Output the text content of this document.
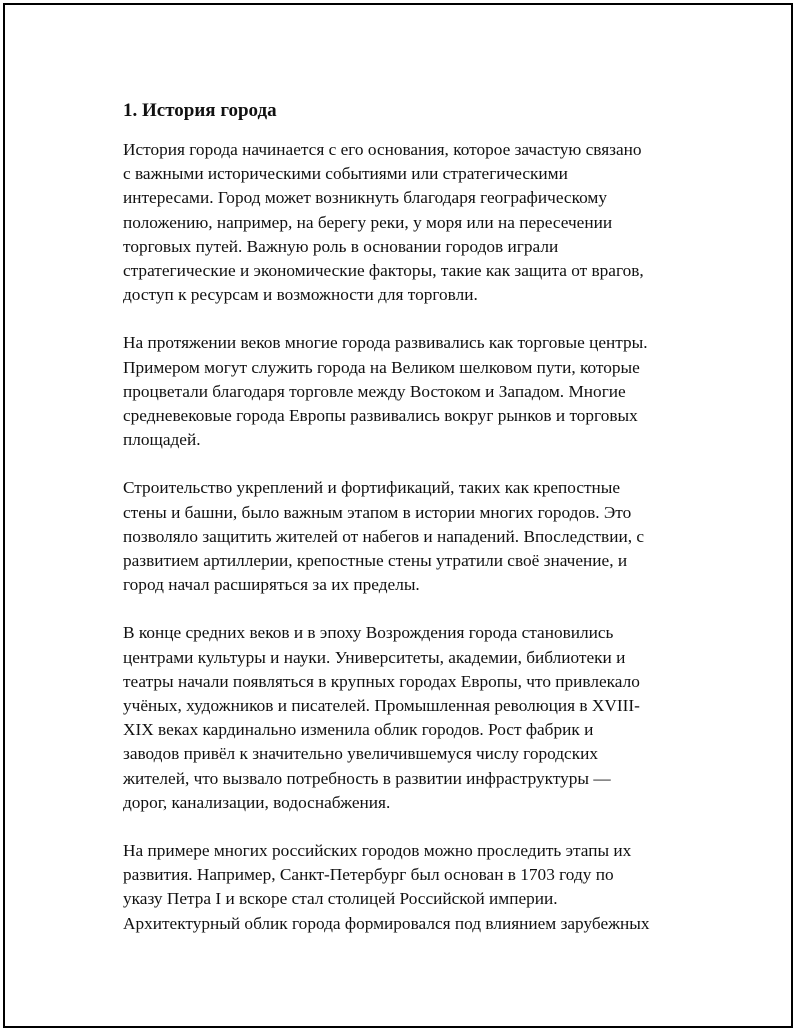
1. История города

История города начинается с его основания, которое зачастую связано
с важными историческими событиями или стратегическими
интересами. Город может возникнуть благодаря географическому
положению, например, на берегу реки, у моря или на пересечении
торговых путей. Важную роль в основании городов играли
стратегические и экономические факторы, такие как защита от врагов,
доступ к ресурсам и возможности для торговли.

На протяжении веков многие города развивались как торговые центры.
Примером могут служить города на Великом шелковом пути, которые
процветали благодаря торговле между Востоком и Западом. Многие
средневековые города Европы развивались вокруг рынков и торговых
площадей.

Строительство укреплений и фортификаций, таких как крепостные
стены и башни, было важным этапом в истории многих городов. Это
позволяло защитить жителей от набегов и нападений. Впоследствии, с
развитием артиллерии, крепостные стены утратили своё значение, и
город начал расширяться за их пределы.

В конце средних веков и в эпоху Возрождения города становились
центрами культуры и науки. Университеты, академии, библиотеки и
театры начали появляться в крупных городах Европы, что привлекало
учёных, художников и писателей. Промышленная революция в XVIII-
XIX веках кардинально изменила облик городов. Рост фабрик и
заводов привёл к значительно увеличившемуся числу городских
жителей, что вызвало потребность в развитии инфраструктуры —
дорог, канализации, водоснабжения.

На примере многих российских городов можно проследить этапы их
развития. Например, Санкт-Петербург был основан в 1703 году по
указу Петра I и вскоре стал столицей Российской империи.
Архитектурный облик города формировался под влиянием зарубежных
